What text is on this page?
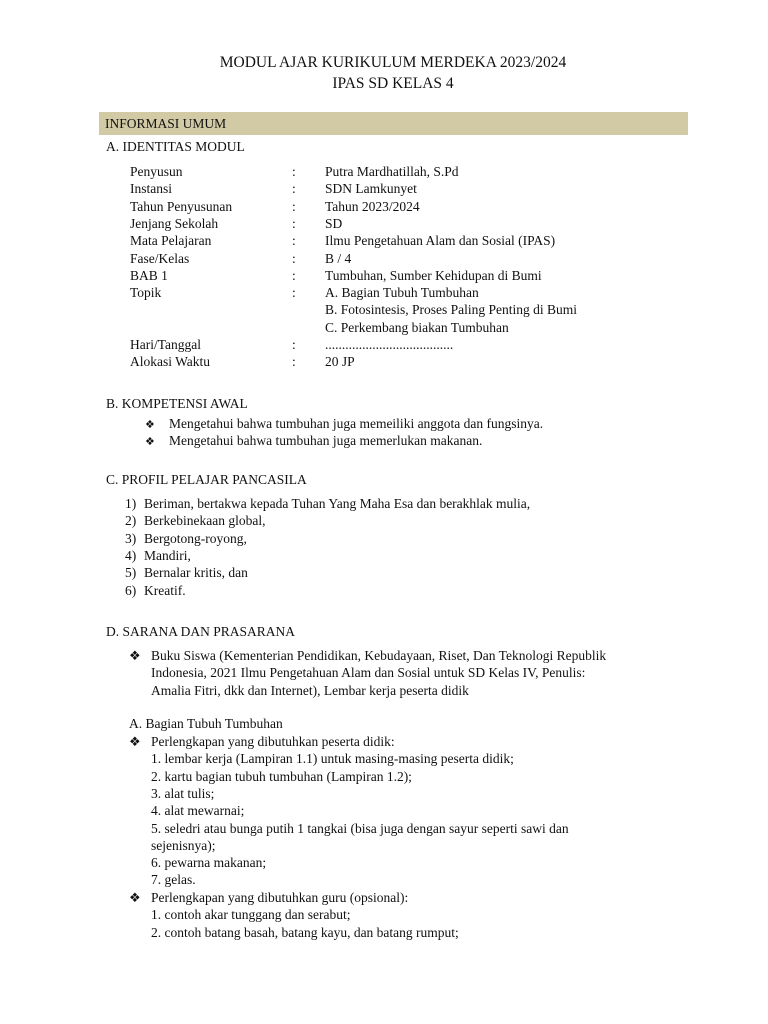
MODUL AJAR KURIKULUM MERDEKA 2023/2024
IPAS SD KELAS 4
INFORMASI UMUM
A. IDENTITAS MODUL
Penyusun	: Putra Mardhatillah, S.Pd
Instansi	: SDN Lamkunyet
Tahun Penyusunan	: Tahun 2023/2024
Jenjang Sekolah	: SD
Mata Pelajaran	: Ilmu Pengetahuan Alam dan Sosial (IPAS)
Fase/Kelas	: B / 4
BAB 1	: Tumbuhan, Sumber Kehidupan di Bumi
Topik	: A. Bagian Tubuh Tumbuhan
B. Fotosintesis, Proses Paling Penting di Bumi
C. Perkembang biakan Tumbuhan
Hari/Tanggal	: ......................................
Alokasi Waktu	: 20 JP
B. KOMPETENSI AWAL
❖ Mengetahui bahwa tumbuhan juga memeiliki anggota dan fungsinya.
❖ Mengetahui bahwa tumbuhan juga memerlukan makanan.
C. PROFIL PELAJAR PANCASILA
1) Beriman, bertakwa kepada Tuhan Yang Maha Esa dan berakhlak mulia,
2) Berkebinekaan global,
3) Bergotong-royong,
4) Mandiri,
5) Bernalar kritis, dan
6) Kreatif.
D. SARANA DAN PRASARANA
❖ Buku Siswa (Kementerian Pendidikan, Kebudayaan, Riset, Dan Teknologi Republik
Indonesia, 2021 Ilmu Pengetahuan Alam dan Sosial untuk SD Kelas IV, Penulis:
Amalia Fitri, dkk dan Internet), Lembar kerja peserta didik
A. Bagian Tubuh Tumbuhan
❖ Perlengkapan yang dibutuhkan peserta didik:
1. lembar kerja (Lampiran 1.1) untuk masing-masing peserta didik;
2. kartu bagian tubuh tumbuhan (Lampiran 1.2);
3. alat tulis;
4. alat mewarnai;
5. seledri atau bunga putih 1 tangkai (bisa juga dengan sayur seperti sawi dan
sejenisnya);
6. pewarna makanan;
7. gelas.
❖ Perlengkapan yang dibutuhkan guru (opsional):
1. contoh akar tunggang dan serabut;
2. contoh batang basah, batang kayu, dan batang rumput;
